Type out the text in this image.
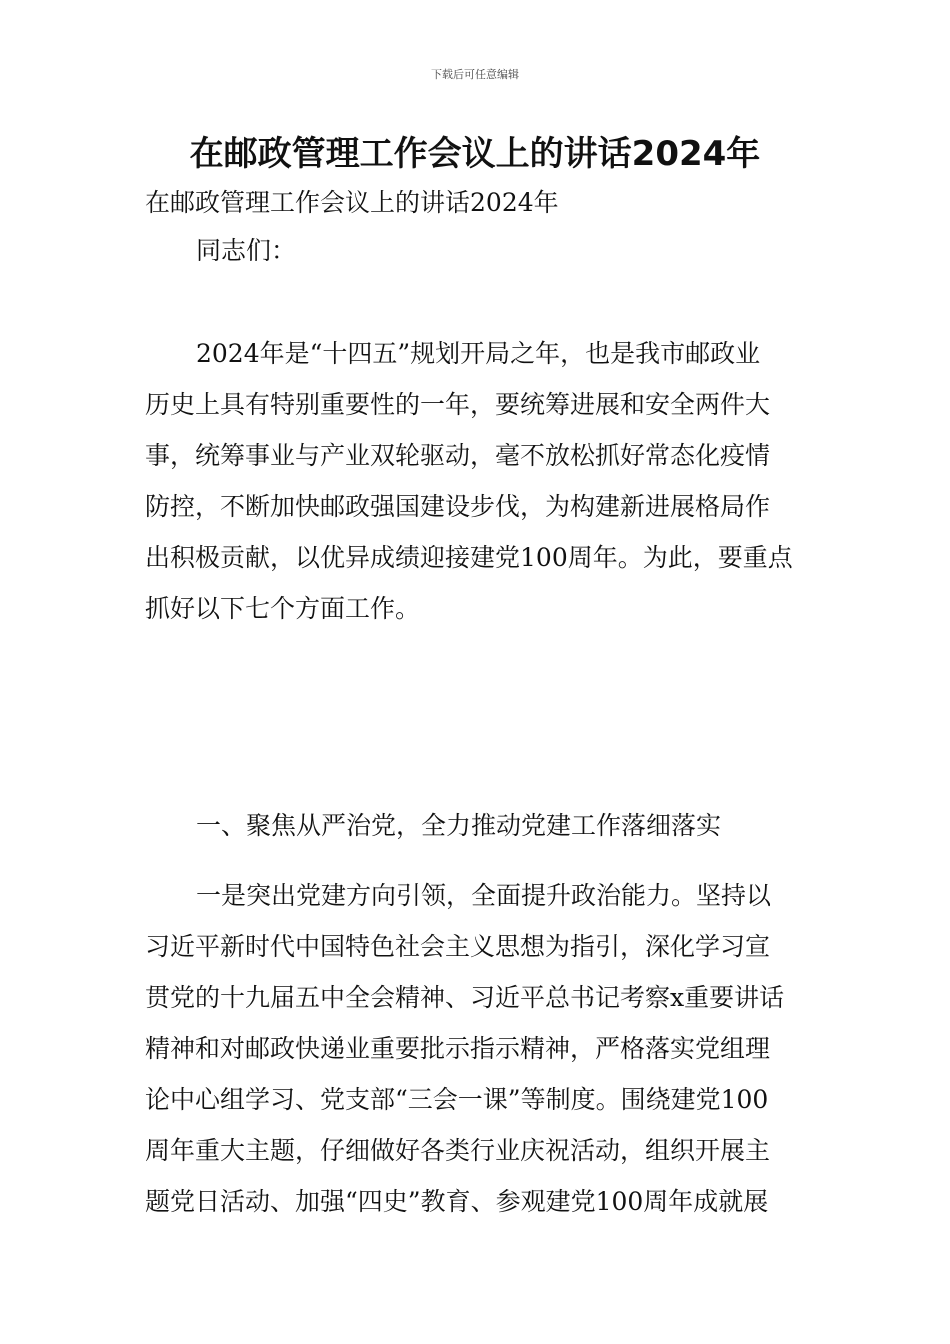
下载后可任意编辑
在邮政管理工作会议上的讲话2024年
在邮政管理工作会议上的讲话2024年
同志们：
2024年是“十四五”规划开局之年，也是我市邮政业
历史上具有特别重要性的一年，要统筹进展和安全两件大
事，统筹事业与产业双轮驱动，毫不放松抓好常态化疫情
防控，不断加快邮政强国建设步伐，为构建新进展格局作
出积极贡献，以优异成绩迎接建党100周年。为此，要重点
抓好以下七个方面工作。
一、聚焦从严治党，全力推动党建工作落细落实
一是突出党建方向引领，全面提升政治能力。坚持以
习近平新时代中国特色社会主义思想为指引，深化学习宣
贯党的十九届五中全会精神、习近平总书记考察x重要讲话
精神和对邮政快递业重要批示指示精神，严格落实党组理
论中心组学习、党支部“三会一课”等制度。围绕建党100
周年重大主题，仔细做好各类行业庆祝活动，组织开展主
题党日活动、加强“四史”教育、参观建党100周年成就展
